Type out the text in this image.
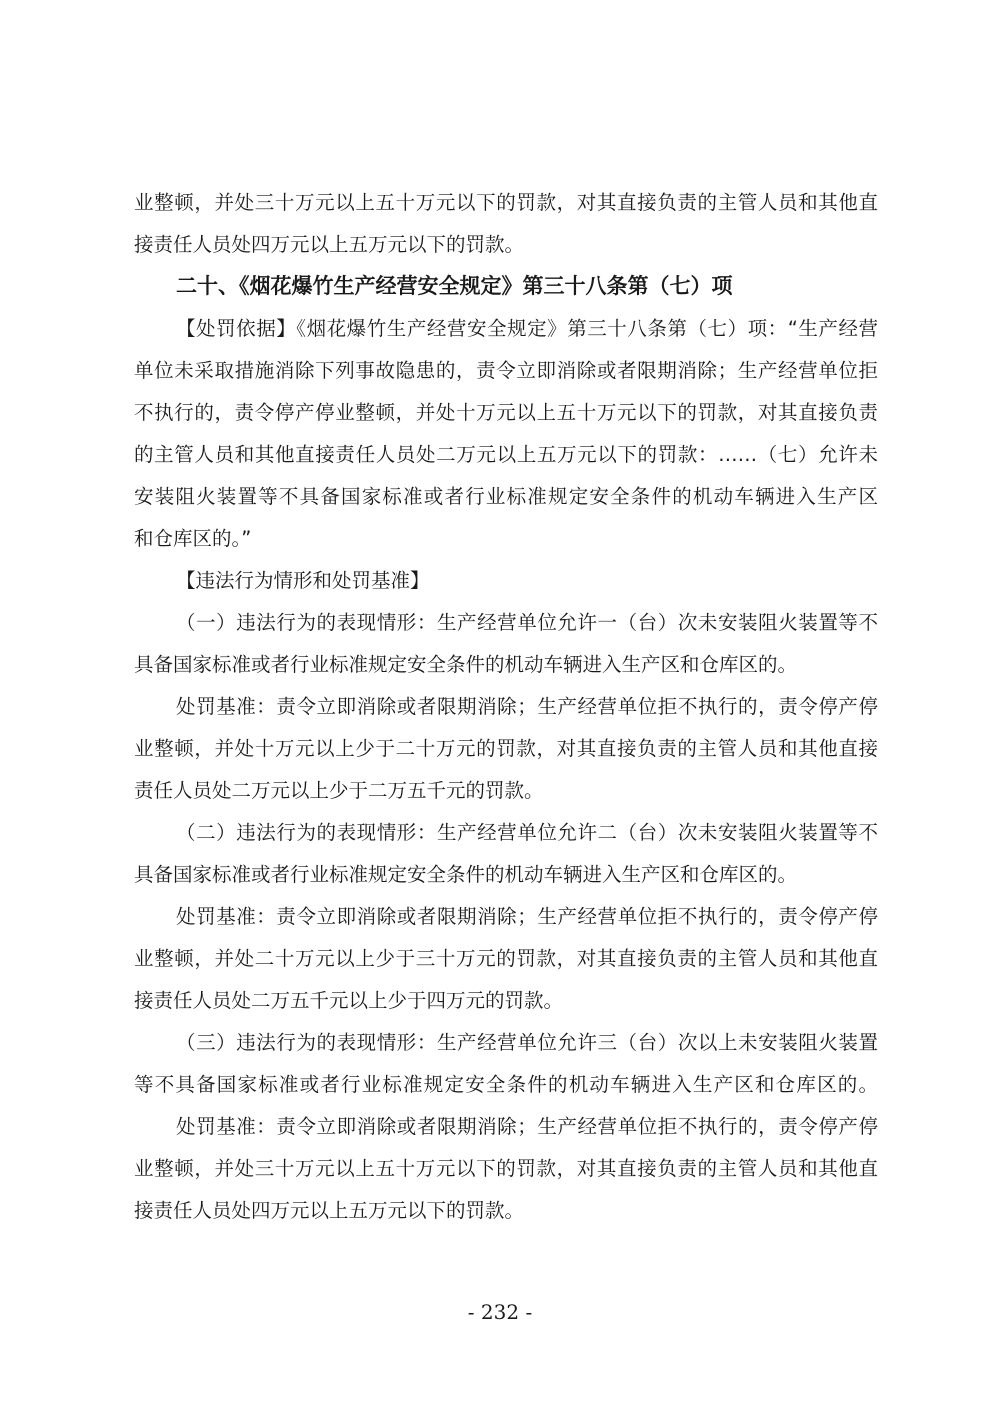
业整顿，并处三十万元以上五十万元以下的罚款，对其直接负责的主管人员和其他直
接责任人员处四万元以上五万元以下的罚款。
二十、《烟花爆竹生产经营安全规定》第三十八条第（七）项
【处罚依据】《烟花爆竹生产经营安全规定》第三十八条第（七）项：“生产经营
单位未采取措施消除下列事故隐患的，责令立即消除或者限期消除；生产经营单位拒
不执行的，责令停产停业整顿，并处十万元以上五十万元以下的罚款，对其直接负责
的主管人员和其他直接责任人员处二万元以上五万元以下的罚款：……（七）允许未
安装阻火装置等不具备国家标准或者行业标准规定安全条件的机动车辆进入生产区
和仓库区的。”
【违法行为情形和处罚基准】
（一）违法行为的表现情形：生产经营单位允许一（台）次未安装阻火装置等不
具备国家标准或者行业标准规定安全条件的机动车辆进入生产区和仓库区的。
处罚基准：责令立即消除或者限期消除；生产经营单位拒不执行的，责令停产停
业整顿，并处十万元以上少于二十万元的罚款，对其直接负责的主管人员和其他直接
责任人员处二万元以上少于二万五千元的罚款。
（二）违法行为的表现情形：生产经营单位允许二（台）次未安装阻火装置等不
具备国家标准或者行业标准规定安全条件的机动车辆进入生产区和仓库区的。
处罚基准：责令立即消除或者限期消除；生产经营单位拒不执行的，责令停产停
业整顿，并处二十万元以上少于三十万元的罚款，对其直接负责的主管人员和其他直
接责任人员处二万五千元以上少于四万元的罚款。
（三）违法行为的表现情形：生产经营单位允许三（台）次以上未安装阻火装置
等不具备国家标准或者行业标准规定安全条件的机动车辆进入生产区和仓库区的。
处罚基准：责令立即消除或者限期消除；生产经营单位拒不执行的，责令停产停
业整顿，并处三十万元以上五十万元以下的罚款，对其直接负责的主管人员和其他直
接责任人员处四万元以上五万元以下的罚款。
- 232 -
